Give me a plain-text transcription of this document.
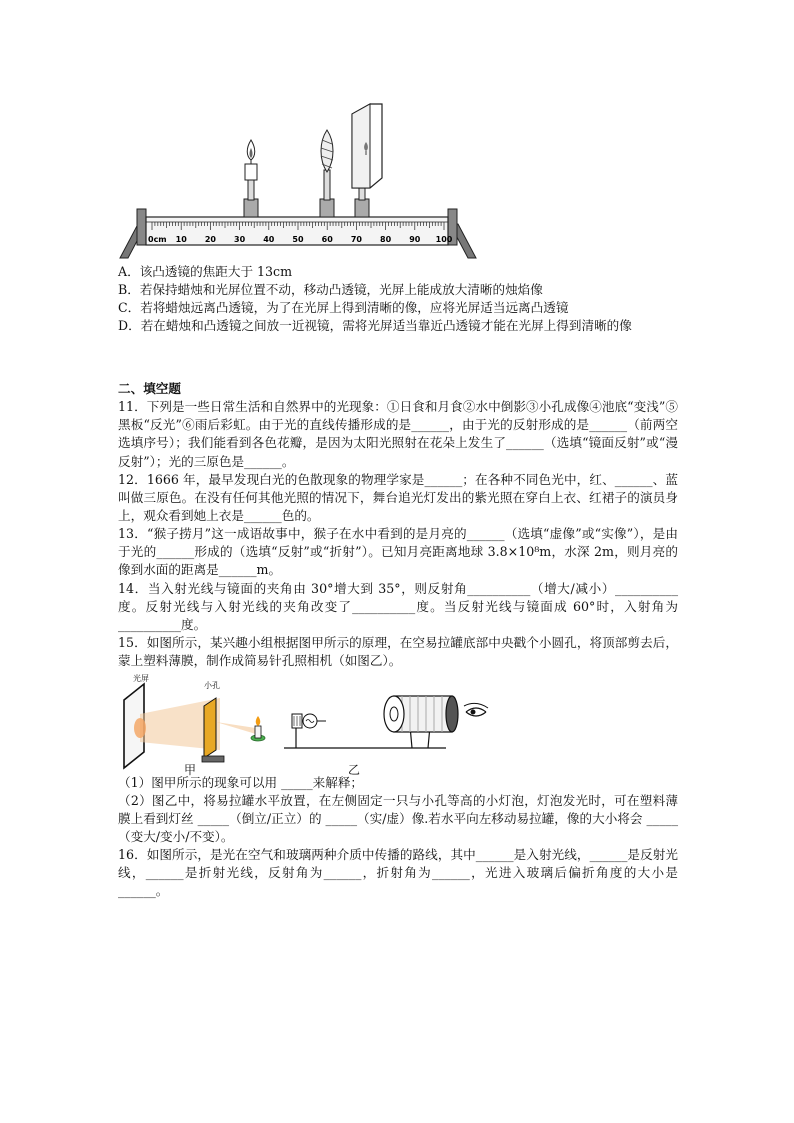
0cm 10 20 30 40 50 60 70 80 90 100
A．该凸透镜的焦距大于 13cm
B．若保持蜡烛和光屏位置不动，移动凸透镜，光屏上能成放大清晰的烛焰像
C．若将蜡烛远离凸透镜，为了在光屏上得到清晰的像，应将光屏适当远离凸透镜
D．若在蜡烛和凸透镜之间放一近视镜，需将光屏适当靠近凸透镜才能在光屏上得到清晰的像
二、填空题
11．下列是一些日常生活和自然界中的光现象：①日食和月食②水中倒影③小孔成像④池底“变浅”⑤黑板“反光”⑥雨后彩虹。由于光的直线传播形成的是______，由于光的反射形成的是______（前两空选填序号）；我们能看到各色花瓣，是因为太阳光照射在花朵上发生了______（选填“镜面反射”或“漫反射”）；光的三原色是______。
12．1666 年，最早发现白光的色散现象的物理学家是______；在各种不同色光中，红、______、蓝叫做三原色。在没有任何其他光照的情况下，舞台追光灯发出的紫光照在穿白上衣、红裙子的演员身上，观众看到她上衣是______色的。
13．“猴子捞月”这一成语故事中，猴子在水中看到的是月亮的______（选填“虚像”或“实像”），是由于光的______形成的（选填“反射”或“折射”）。已知月亮距离地球 3.8×10⁸m，水深 2m，则月亮的像到水面的距离是______m。
14．当入射光线与镜面的夹角由 30°增大到 35°，则反射角__________（增大/减小）__________度。反射光线与入射光线的夹角改变了__________度。当反射光线与镜面成 60°时，入射角为__________度。
15．如图所示，某兴趣小组根据图甲所示的原理，在空易拉罐底部中央戳个小圆孔，将顶部剪去后，蒙上塑料薄膜，制作成简易针孔照相机（如图乙）。
光屏
小孔
甲	乙
（1）图甲所示的现象可以用 _____来解释；
（2）图乙中，将易拉罐水平放置，在左侧固定一只与小孔等高的小灯泡，灯泡发光时，可在塑料薄膜上看到灯丝 _____（倒立/正立）的 _____（实/虚）像.若水平向左移动易拉罐，像的大小将会 _____（变大/变小/不变）。
16．如图所示，是光在空气和玻璃两种介质中传播的路线，其中______是入射光线，______是反射光线，______是折射光线，反射角为______，折射角为______，光进入玻璃后偏折角度的大小是______。
